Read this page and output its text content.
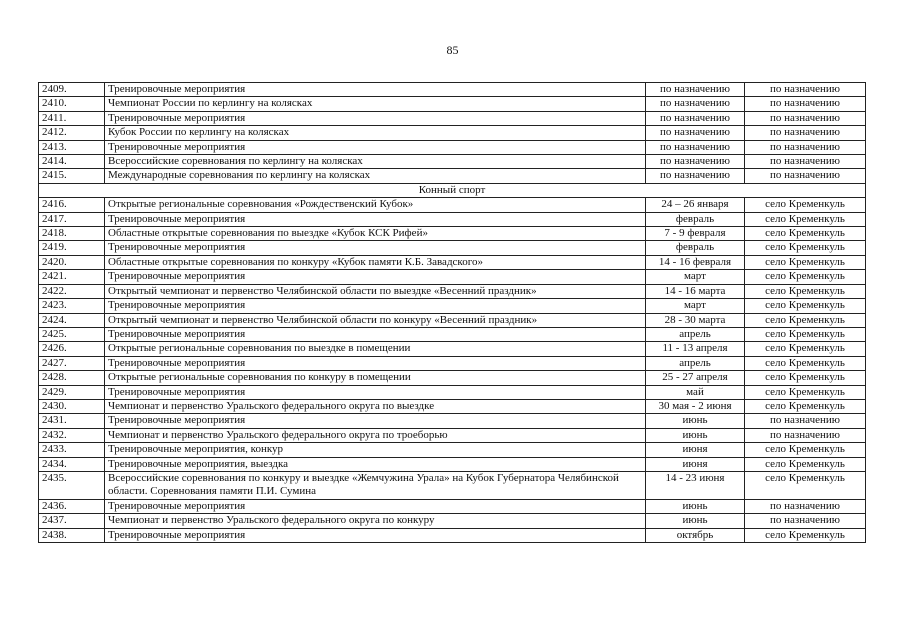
85
2409.	Тренировочные мероприятия	по назначению	по назначению
2410.	Чемпионат России по керлингу на колясках	по назначению	по назначению
2411.	Тренировочные мероприятия	по назначению	по назначению
2412.	Кубок России по керлингу на колясках	по назначению	по назначению
2413.	Тренировочные мероприятия	по назначению	по назначению
2414.	Всероссийские соревнования по керлингу на колясках	по назначению	по назначению
2415.	Международные соревнования по керлингу на колясках	по назначению	по назначению
Конный спорт			
2416.	Открытые региональные соревнования «Рождественский Кубок»	24 – 26 января	село Кременкуль
2417.	Тренировочные мероприятия	февраль	село Кременкуль
2418.	Областные открытые соревнования по выездке «Кубок КСК Рифей»	7 - 9 февраля	село Кременкуль
2419.	Тренировочные мероприятия	февраль	село Кременкуль
2420.	Областные открытые соревнования по конкуру «Кубок памяти К.Б. Завадского»	14 - 16 февраля	село Кременкуль
2421.	Тренировочные мероприятия	март	село Кременкуль
2422.	Открытый чемпионат и первенство Челябинской области по выездке «Весенний праздник»	14 - 16 марта	село Кременкуль
2423.	Тренировочные мероприятия	март	село Кременкуль
2424.	Открытый чемпионат и первенство Челябинской области по конкуру «Весенний праздник»	28 - 30 марта	село Кременкуль
2425.	Тренировочные мероприятия	апрель	село Кременкуль
2426.	Открытые региональные соревнования по выездке в помещении	11 - 13 апреля	село Кременкуль
2427.	Тренировочные мероприятия	апрель	село Кременкуль
2428.	Открытые региональные соревнования по конкуру в помещении	25 - 27 апреля	село Кременкуль
2429.	Тренировочные мероприятия	май	село Кременкуль
2430.	Чемпионат и первенство Уральского федерального округа по выездке	30 мая - 2 июня	село Кременкуль
2431.	Тренировочные мероприятия	июнь	по назначению
2432.	Чемпионат и первенство Уральского федерального округа по троеборью	июнь	по назначению
2433.	Тренировочные мероприятия, конкур	июня	село Кременкуль
2434.	Тренировочные мероприятия, выездка	июня	село Кременкуль
2435.	Всероссийские соревнования по конкуру и выездке «Жемчужина Урала» на Кубок Губернатора Челябинской области. Соревнования памяти П.И. Сумина	14 - 23 июня	село Кременкуль
2436.	Тренировочные мероприятия	июнь	по назначению
2437.	Чемпионат и первенство Уральского федерального округа по конкуру	июнь	по назначению
2438.	Тренировочные мероприятия	октябрь	село Кременкуль
